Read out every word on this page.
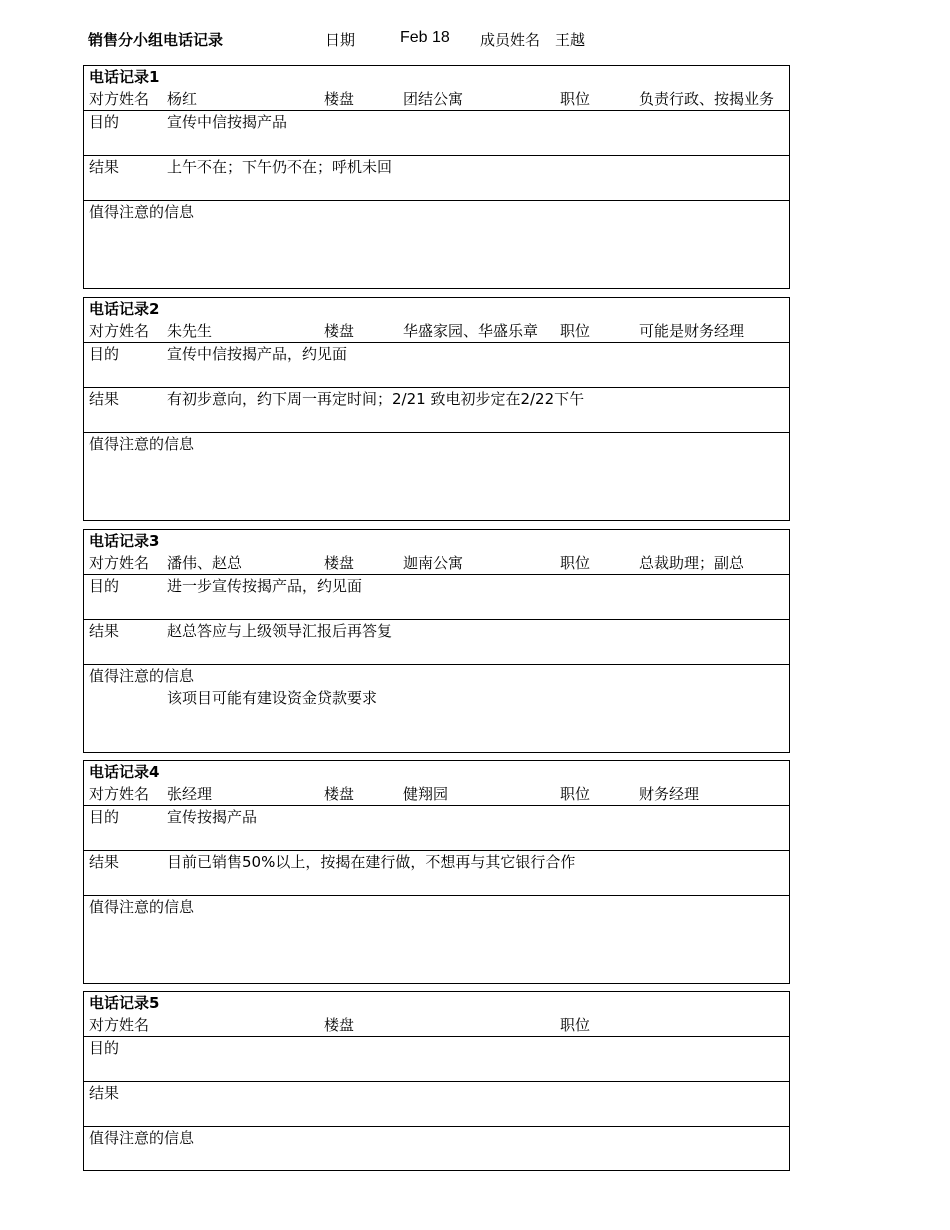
销售分小组电话记录	日期	Feb 18 成员姓名 王越
电话记录1
对方姓名	杨红	楼盘	团结公寓	职位	负责行政、按揭业务
目的	宣传中信按揭产品
结果	上午不在；下午仍不在；呼机未回
值得注意的信息
电话记录2
对方姓名	朱先生	楼盘	华盛家园、华盛乐章	职位	可能是财务经理
目的	宣传中信按揭产品，约见面
结果	有初步意向，约下周一再定时间；2/21 致电初步定在2/22下午
值得注意的信息
电话记录3
对方姓名	潘伟、赵总	楼盘	迦南公寓	职位	总裁助理；副总
目的	进一步宣传按揭产品，约见面
结果	赵总答应与上级领导汇报后再答复
值得注意的信息
该项目可能有建设资金贷款要求
电话记录4
对方姓名	张经理	楼盘	健翔园	职位	财务经理
目的	宣传按揭产品
结果	目前已销售50%以上，按揭在建行做，不想再与其它银行合作
值得注意的信息
电话记录5
对方姓名	楼盘	职位
目的
结果
值得注意的信息
